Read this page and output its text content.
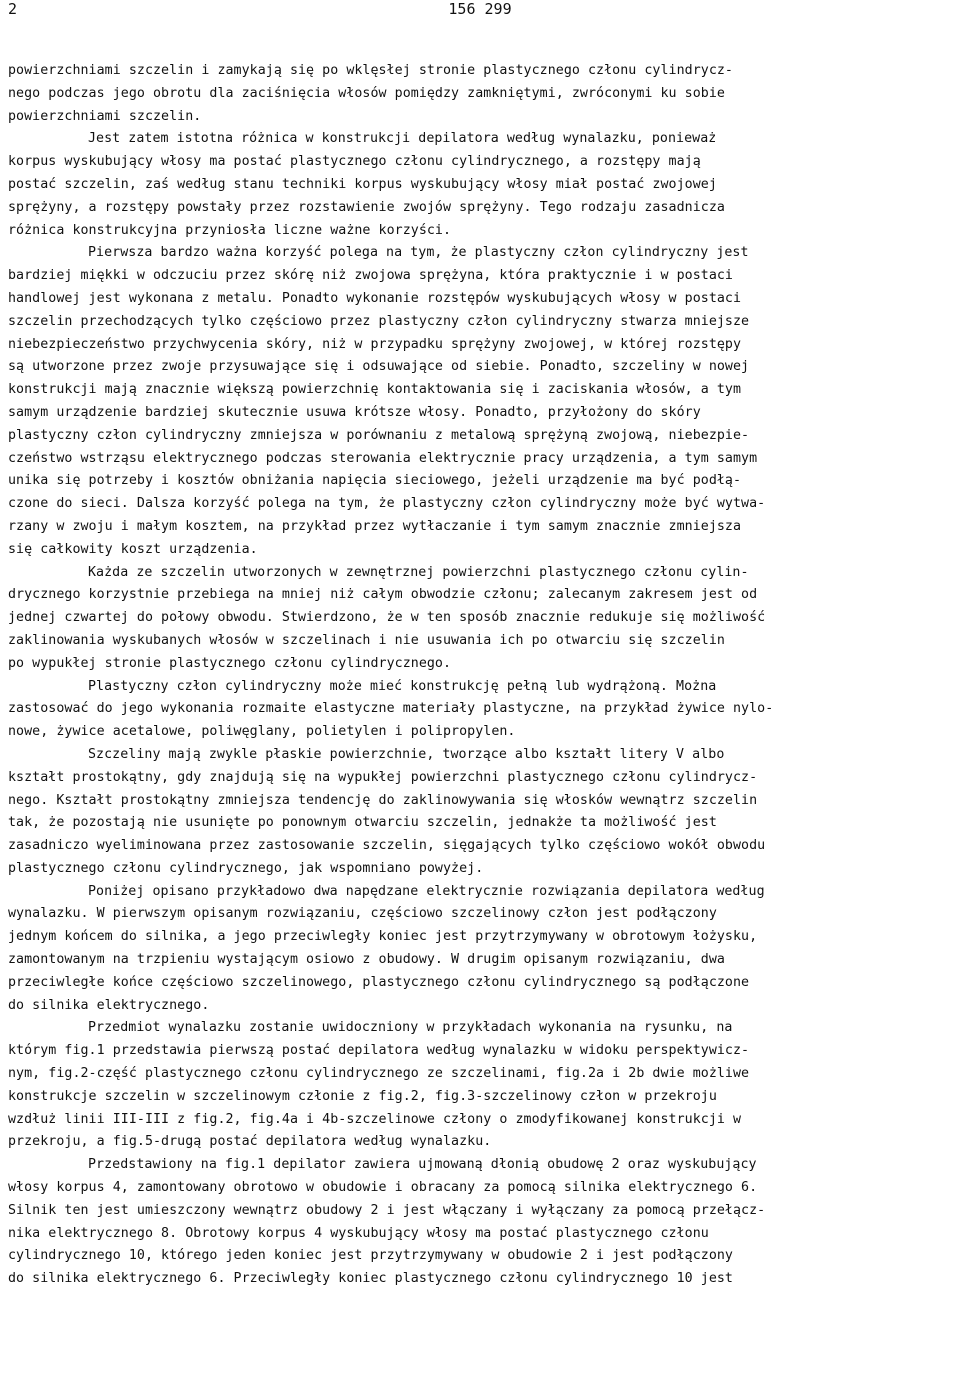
2	156 299
powierzchniami szczelin i zamykają się po wklęsłej stronie plastycznego członu cylindrycz-
nego podczas jego obrotu dla zaciśnięcia włosów pomiędzy zamkniętymi, zwróconymi ku sobie
powierzchniami szczelin.
Jest zatem istotna różnica w konstrukcji depilatora według wynalazku, ponieważ
korpus wyskubujący włosy ma postać plastycznego członu cylindrycznego, a rozstępy mają
postać szczelin, zaś według stanu techniki korpus wyskubujący włosy miał postać zwojowej
sprężyny, a rozstępy powstały przez rozstawienie zwojów sprężyny. Tego rodzaju zasadnicza
różnica konstrukcyjna przyniosła liczne ważne korzyści.
Pierwsza bardzo ważna korzyść polega na tym, że plastyczny człon cylindryczny jest
bardziej miękki w odczuciu przez skórę niż zwojowa sprężyna, która praktycznie i w postaci
handlowej jest wykonana z metalu. Ponadto wykonanie rozstępów wyskubujących włosy w postaci
szczelin przechodzących tylko częściowo przez plastyczny człon cylindryczny stwarza mniejsze
niebezpieczeństwo przychwycenia skóry, niż w przypadku sprężyny zwojowej, w której rozstępy
są utworzone przez zwoje przysuwające się i odsuwające od siebie. Ponadto, szczeliny w nowej
konstrukcji mają znacznie większą powierzchnię kontaktowania się i zaciskania włosów, a tym
samym urządzenie bardziej skutecznie usuwa krótsze włosy. Ponadto, przyłożony do skóry
plastyczny człon cylindryczny zmniejsza w porównaniu z metalową sprężyną zwojową, niebezpie-
czeństwo wstrząsu elektrycznego podczas sterowania elektrycznie pracy urządzenia, a tym samym
unika się potrzeby i kosztów obniżania napięcia sieciowego, jeżeli urządzenie ma być podłą-
czone do sieci. Dalsza korzyść polega na tym, że plastyczny człon cylindryczny może być wytwa-
rzany w zwoju i małym kosztem, na przykład przez wytłaczanie i tym samym znacznie zmniejsza
się całkowity koszt urządzenia.
Każda ze szczelin utworzonych w zewnętrznej powierzchni plastycznego członu cylin-
drycznego korzystnie przebiega na mniej niż całym obwodzie członu; zalecanym zakresem jest od
jednej czwartej do połowy obwodu. Stwierdzono, że w ten sposób znacznie redukuje się możliwość
zaklinowania wyskubanych włosów w szczelinach i nie usuwania ich po otwarciu się szczelin
po wypukłej stronie plastycznego członu cylindrycznego.
Plastyczny człon cylindryczny może mieć konstrukcję pełną lub wydrążoną. Można
zastosować do jego wykonania rozmaite elastyczne materiały plastyczne, na przykład żywice nylo-
nowe, żywice acetalowe, poliwęglany, polietylen i polipropylen.
Szczeliny mają zwykle płaskie powierzchnie, tworzące albo kształt litery V albo
kształt prostokątny, gdy znajdują się na wypukłej powierzchni plastycznego członu cylindrycz-
nego. Kształt prostokątny zmniejsza tendencję do zaklinowywania się włosków wewnątrz szczelin
tak, że pozostają nie usunięte po ponownym otwarciu szczelin, jednakże ta możliwość jest
zasadniczo wyeliminowana przez zastosowanie szczelin, sięgających tylko częściowo wokół obwodu
plastycznego członu cylindrycznego, jak wspomniano powyżej.
Poniżej opisano przykładowo dwa napędzane elektrycznie rozwiązania depilatora według
wynalazku. W pierwszym opisanym rozwiązaniu, częściowo szczelinowy człon jest podłączony
jednym końcem do silnika, a jego przeciwległy koniec jest przytrzymywany w obrotowym łożysku,
zamontowanym na trzpieniu wystającym osiowo z obudowy. W drugim opisanym rozwiązaniu, dwa
przeciwległe końce częściowo szczelinowego, plastycznego członu cylindrycznego są podłączone
do silnika elektrycznego.
Przedmiot wynalazku zostanie uwidoczniony w przykładach wykonania na rysunku, na
którym fig.1 przedstawia pierwszą postać depilatora według wynalazku w widoku perspektywicz-
nym, fig.2-część plastycznego członu cylindrycznego ze szczelinami, fig.2a i 2b dwie możliwe
konstrukcje szczelin w szczelinowym członie z fig.2, fig.3-szczelinowy człon w przekroju
wzdłuż linii III-III z fig.2, fig.4a i 4b-szczelinowe człony o zmodyfikowanej konstrukcji w
przekroju, a fig.5-drugą postać depilatora według wynalazku.
Przedstawiony na fig.1 depilator zawiera ujmowaną dłonią obudowę 2 oraz wyskubujący
włosy korpus 4, zamontowany obrotowo w obudowie i obracany za pomocą silnika elektrycznego 6.
Silnik ten jest umieszczony wewnątrz obudowy 2 i jest włączany i wyłączany za pomocą przełącz-
nika elektrycznego 8. Obrotowy korpus 4 wyskubujący włosy ma postać plastycznego członu
cylindrycznego 10, którego jeden koniec jest przytrzymywany w obudowie 2 i jest podłączony
do silnika elektrycznego 6. Przeciwległy koniec plastycznego członu cylindrycznego 10 jest
